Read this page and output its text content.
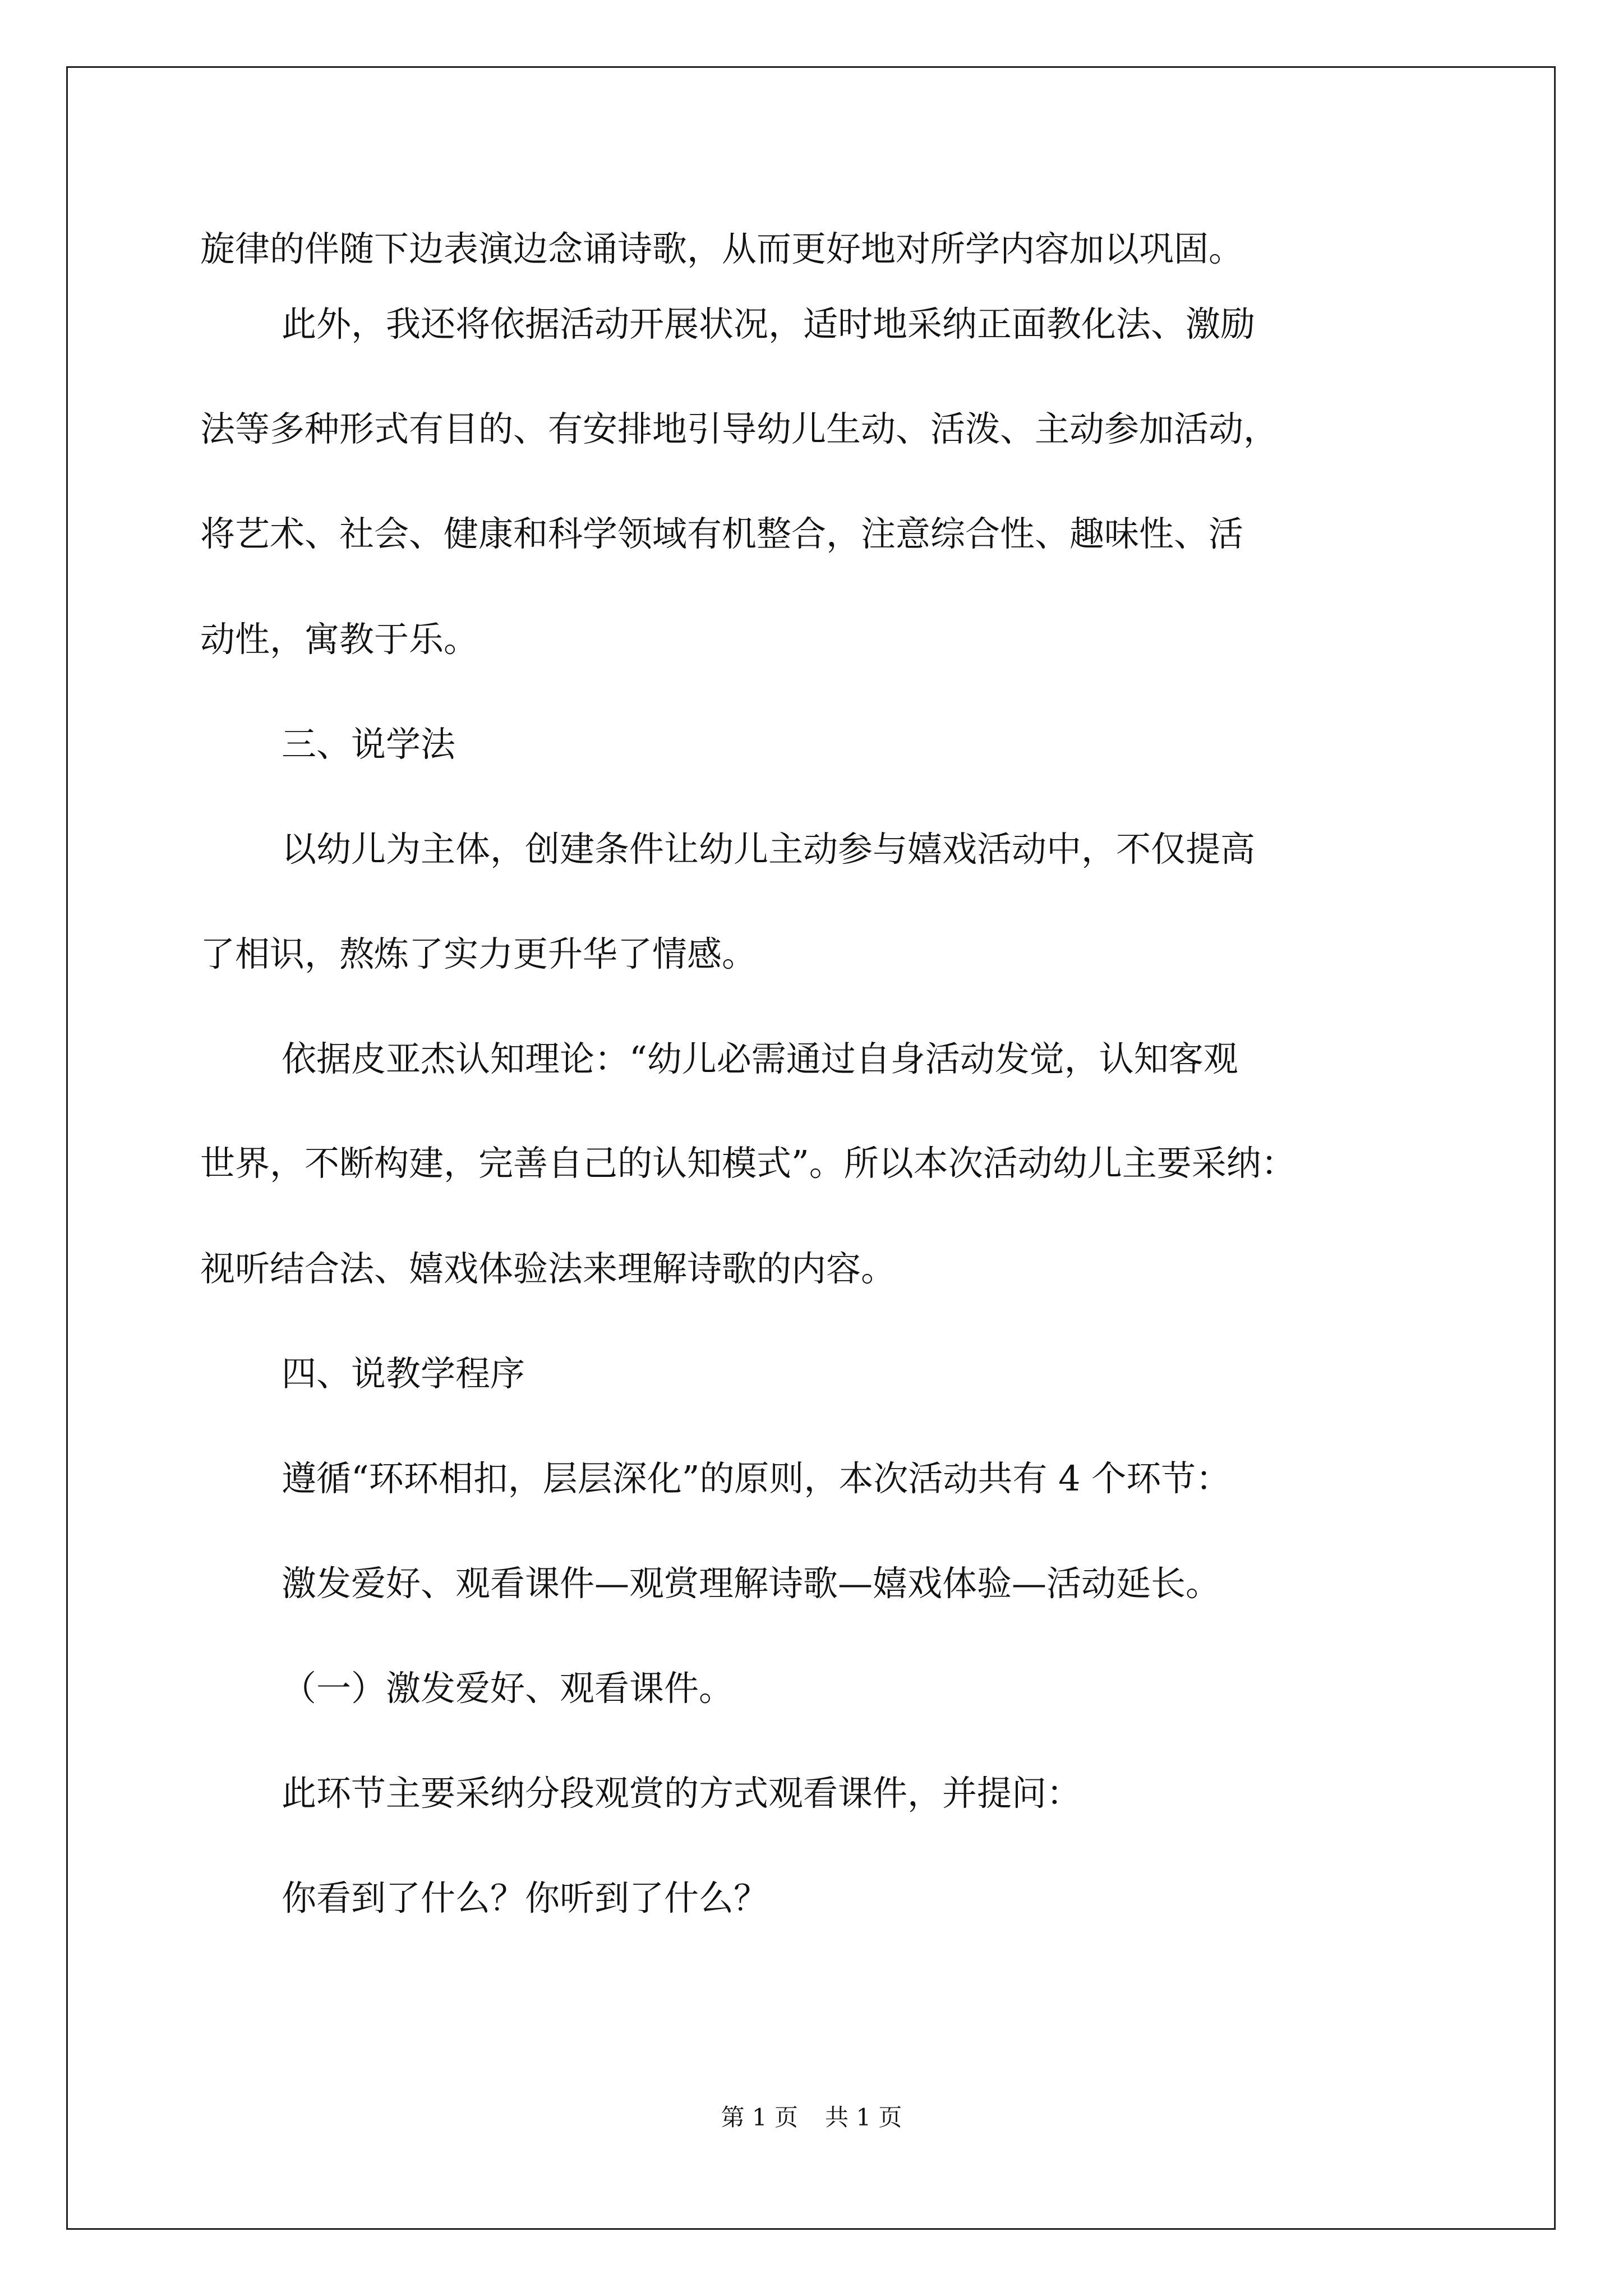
旋律的伴随下边表演边念诵诗歌，从而更好地对所学内容加以巩固。

此外，我还将依据活动开展状况，适时地采纳正面教化法、激励

法等多种形式有目的、有安排地引导幼儿生动、活泼、主动参加活动，

将艺术、社会、健康和科学领域有机整合，注意综合性、趣味性、活

动性，寓教于乐。

三、说学法

以幼儿为主体，创建条件让幼儿主动参与嬉戏活动中，不仅提高

了相识，熬炼了实力更升华了情感。

依据皮亚杰认知理论：“幼儿必需通过自身活动发觉，认知客观

世界，不断构建，完善自己的认知模式”。所以本次活动幼儿主要采纳：

视听结合法、嬉戏体验法来理解诗歌的内容。

四、说教学程序

遵循“环环相扣，层层深化”的原则，本次活动共有 4 个环节：

激发爱好、观看课件—观赏理解诗歌—嬉戏体验—活动延长。

（一）激发爱好、观看课件。

此环节主要采纳分段观赏的方式观看课件，并提问：

你看到了什么？你听到了什么？

第 1 页 共 1 页
